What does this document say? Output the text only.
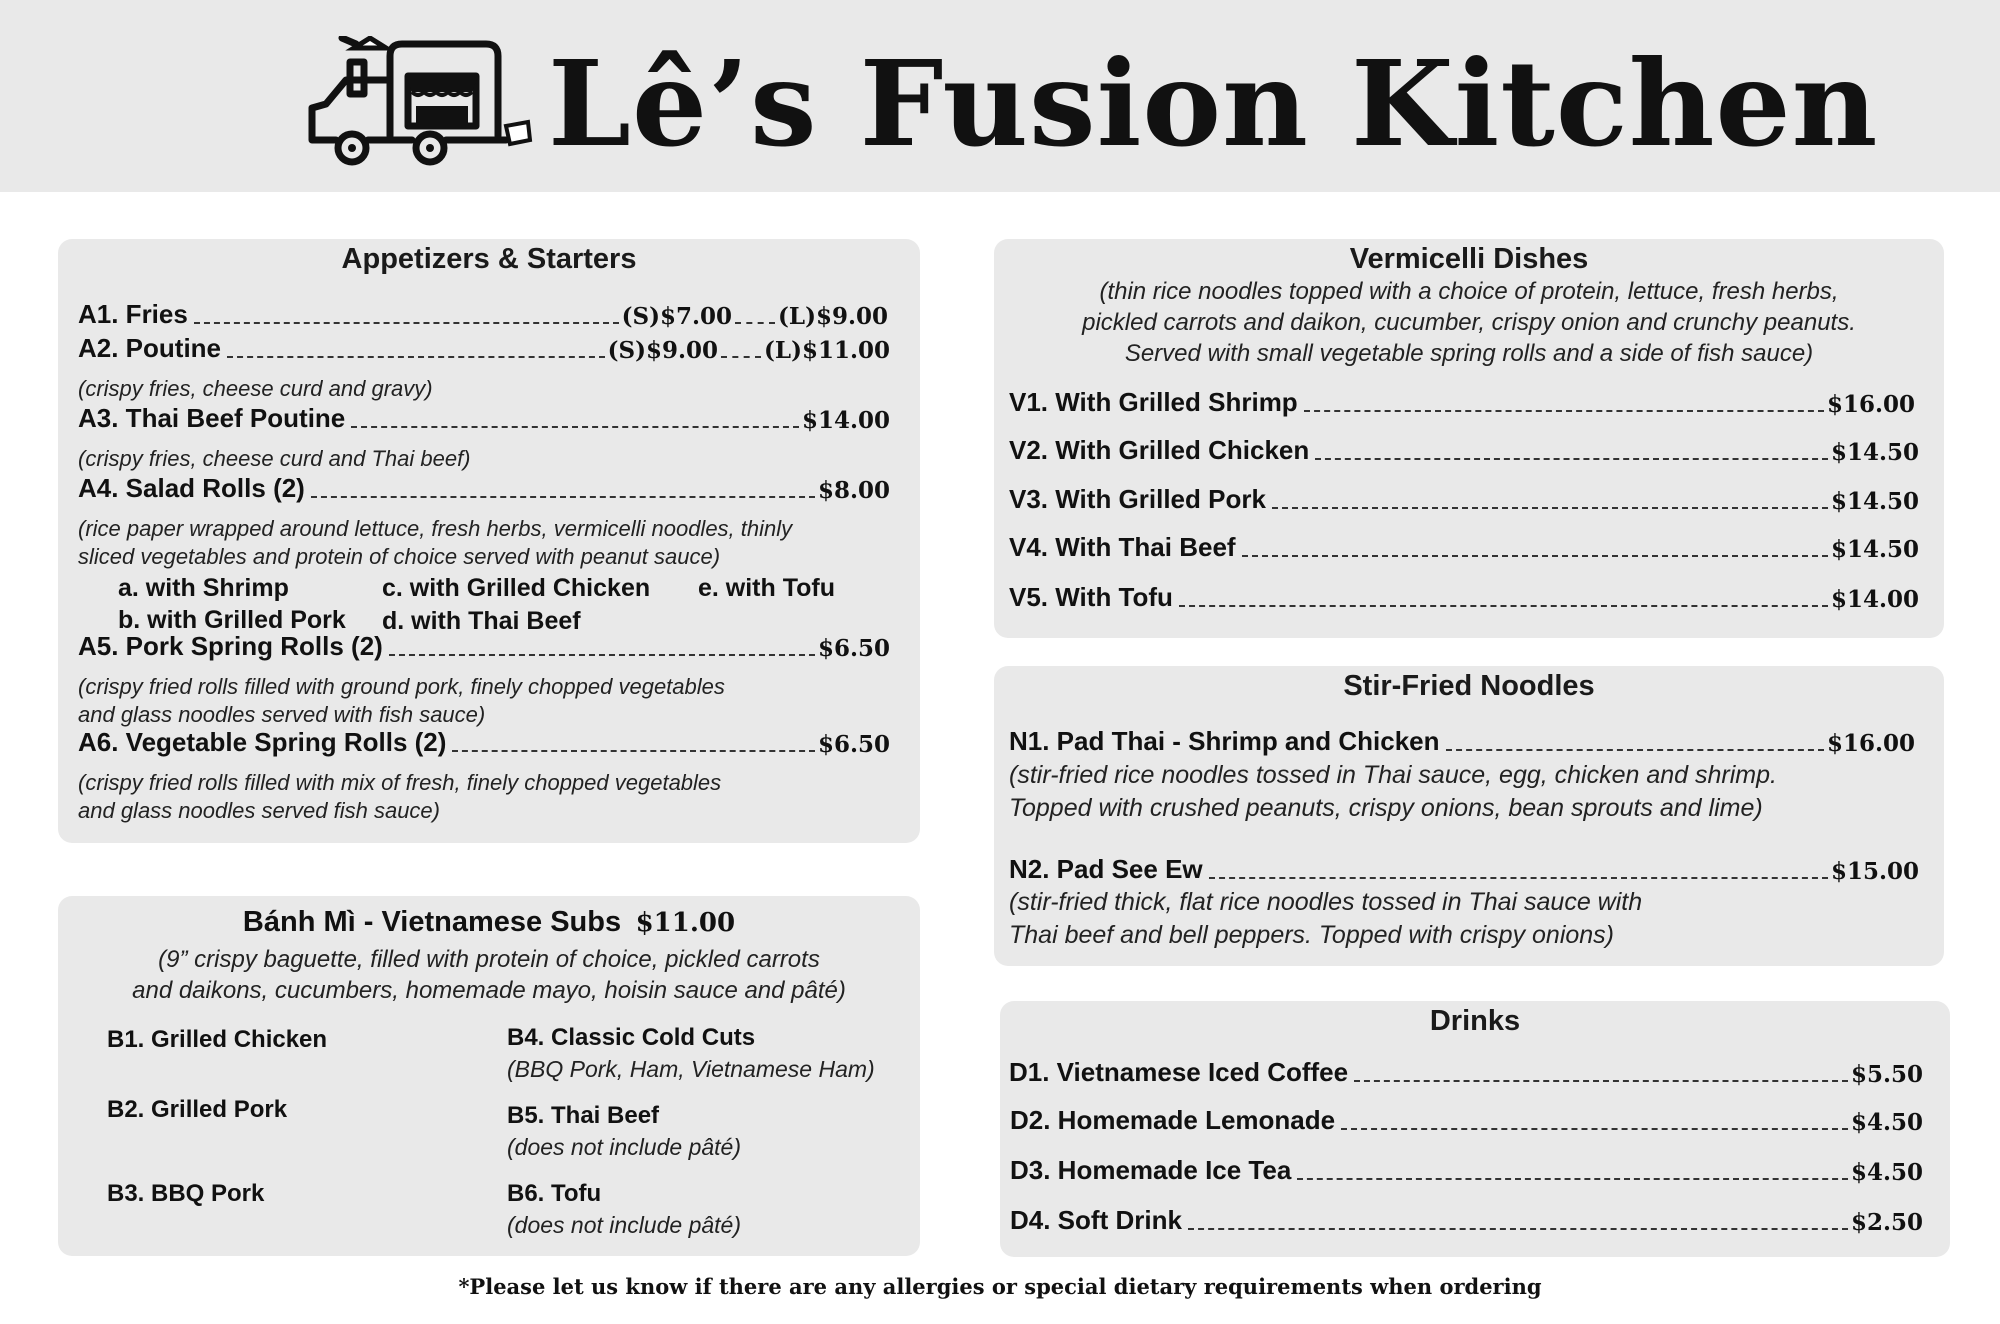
Lê’s Fusion Kitchen
Appetizers & Starters
A1. Fries	(S)$7.00 (L)$9.00
A2. Poutine	(S)$9.00 (L)$11.00
(crispy fries, cheese curd and gravy)
A3. Thai Beef Poutine	$14.00
(crispy fries, cheese curd and Thai beef)
A4. Salad Rolls (2)	$8.00
(rice paper wrapped around lettuce, fresh herbs, vermicelli noodles, thinly
sliced vegetables and protein of choice served with peanut sauce)
a. with Shrimp
b. with Grilled Pork
c. with Grilled Chicken
d. with Thai Beef
e. with Tofu
A5. Pork Spring Rolls (2)	$6.50
(crispy fried rolls filled with ground pork, finely chopped vegetables
and glass noodles served with fish sauce)
A6. Vegetable Spring Rolls (2)	$6.50
(crispy fried rolls filled with mix of fresh, finely chopped vegetables
and glass noodles served fish sauce)
Bánh Mì - Vietnamese Subs $11.00
(9” crispy baguette, filled with protein of choice, pickled carrots
and daikons, cucumbers, homemade mayo, hoisin sauce and pâté)
B1. Grilled Chicken
B2. Grilled Pork
B3. BBQ Pork
B4. Classic Cold Cuts
(BBQ Pork, Ham, Vietnamese Ham)
B5. Thai Beef
(does not include pâté)
B6. Tofu
(does not include pâté)
Vermicelli Dishes
(thin rice noodles topped with a choice of protein, lettuce, fresh herbs,
pickled carrots and daikon, cucumber, crispy onion and crunchy peanuts.
Served with small vegetable spring rolls and a side of fish sauce)
V1. With Grilled Shrimp	$16.00
V2. With Grilled Chicken	$14.50
V3. With Grilled Pork	$14.50
V4. With Thai Beef	$14.50
V5. With Tofu	$14.00
Stir-Fried Noodles
N1. Pad Thai - Shrimp and Chicken	$16.00
(stir-fried rice noodles tossed in Thai sauce, egg, chicken and shrimp.
Topped with crushed peanuts, crispy onions, bean sprouts and lime)
N2. Pad See Ew	$15.00
(stir-fried thick, flat rice noodles tossed in Thai sauce with
Thai beef and bell peppers. Topped with crispy onions)
Drinks
D1. Vietnamese Iced Coffee	$5.50
D2. Homemade Lemonade	$4.50
D3. Homemade Ice Tea	$4.50
D4. Soft Drink	$2.50
*Please let us know if there are any allergies or special dietary requirements when ordering
